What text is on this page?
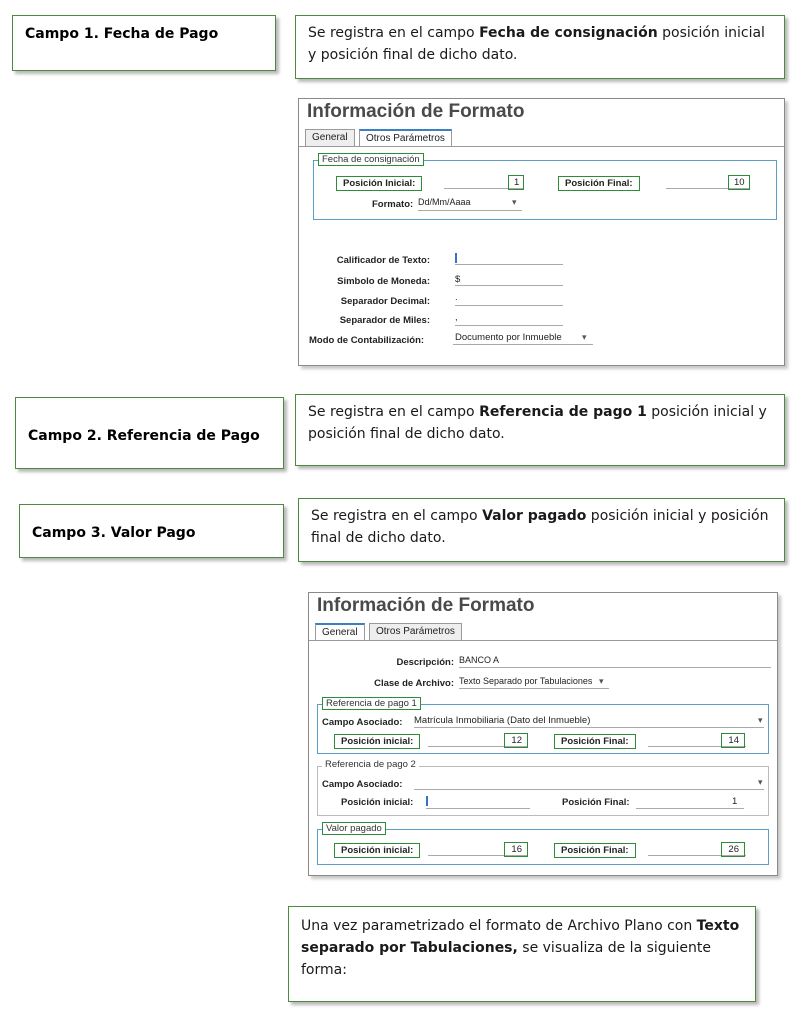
Campo 1. Fecha de Pago	Se registra en el campo Fecha de consignación posición inicial y posición final de dicho dato.
Información de Formato
General	Otros Parámetros
Fecha de consignación
Posición Inicial:	1	Posición Final:	10
Formato: Dd/Mm/Aaaa	▾
Calificador de Texto:
Simbolo de Moneda:	$
Separador Decimal:	.
Separador de Miles:	,
Modo de Contabilización:	Documento por Inmueble ▾
Campo 2. Referencia de Pago
Se registra en el campo Referencia de pago 1 posición inicial y posición final de dicho dato.
Campo 3. Valor Pago
Se registra en el campo Valor pagado posición inicial y posición final de dicho dato.
Información de Formato
General	Otros Parámetros
Descripción: BANCO A
Clase de Archivo: Texto Separado por Tabulaciones ▾
Referencia de pago 1
Campo Asociado: Matrícula Inmobiliaria (Dato del Inmueble)	▾
Posición inicial:	12	Posición Final:	14
Referencia de pago 2
Campo Asociado:	▾
Posición inicial:	Posición Final:	1
Valor pagado
Posición inicial:	16	Posición Final:	26
Una vez parametrizado el formato de Archivo Plano con Texto separado por Tabulaciones, se visualiza de la siguiente forma:
